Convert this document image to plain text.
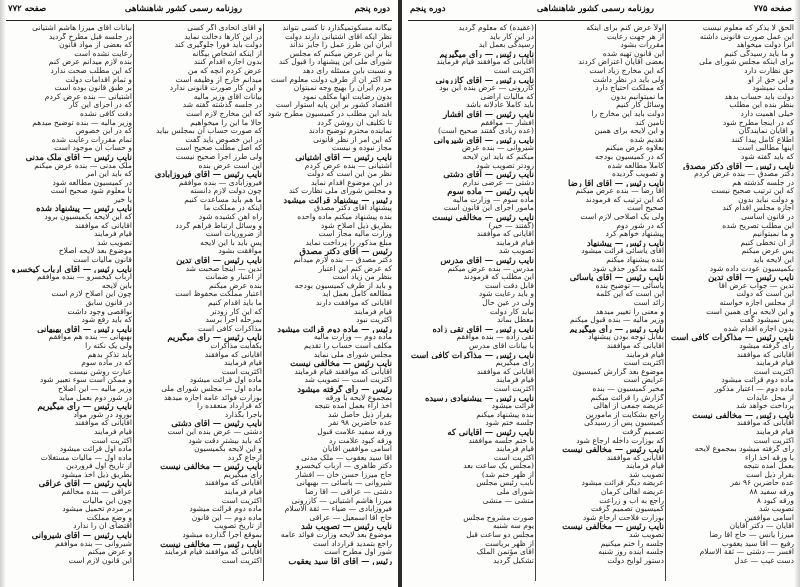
دوره پنجم
روزنامه رسمی کشور شاهنشاهی
صفحه ۷۷۲
بیگانه مسکوتمیگذارد تا کسی نتواند
نظر آیکه آقای آشتیانی دارند دولت
ایران این طرز عمل را جایز نداند
بنا بر این عرض میکنم که مجلس
شورای ملی این پیشنهاد را قبول کند
و نسبت باین مسئله رأی دهد
حد اکثر آن از طرف دولت معلوم است
مردم ایران را بهیچ وجه نمیتوان
بدون رضایت آنها مکلف نمود
اقتصاد کشور بر این پایه استوار است
باید این مطلب در کمیسیون مطرح شود
تا تکلیف آن روشن گردد
نماینده محترم توضیح دادند
که این امر از نظر قانونی
مجاز نبوده و نیست
نایب رئیس — آقای آشتیانی
آشتیانی — بنده عرض کردم
نظر من این است که دولت
در این موضوع اقدام نماید
و مجلس شورای ملی نظارت کند
رئیس — پیشنهاد قرائت میشود
پیشنهاد آقای دکتر مصدق
بنده پیشنهاد میکنم ماده واحده
بطریق ذیل اصلاح شود
وزارت مالیه مجاز است
مبلغ مذکور را پرداخت نماید
رئیس — آقای دکتر مصدق
دکتر مصدق — بنده لازم میدانم
که عرض کنم این اعتبار
بنظر من زیاد است
و باید از طرف کمیسیون بودجه
مطالعه کامل بعمل آید
آقایانی که موافقت دارند
قیام فرمایند
اکثریت نبود
رئیس — ماده دوم قرائت میشود
ماده دوم — وزارت مالیه
مکلف است حساب را تقدیم
مجلس شورای ملی نماید
نایب رئیس — مخالفی نیست
آقایانی که موافقند قیام فرمایند
اکثریت است — تصویب شد
رئیس — رأی گرفته میشود
بمجموع لایحه با ورقه
اخذ آراء بعمل آمده نتیجه
بقرار ذیل حاصل شد
عده حاضرین ۹۸ نفر
ورقه سفید علامت قبول
ورقه کبود علامت رد
اسامی موافقین آقایان
آقا سید یعقوب — ملک مدنی
دکتر طاهری — ارباب کیخسرو
حاج میرزا حسن خان — افشار
شیروانی — یاسائی — بهبهانی
دشتی — عراقی — آقا رضا
میرزا هاشم آشتیانی — کازرونی
فیروزآبادی — ضیاء — ثقة الاسلام
حاج آقا اسمعیل — عراقی
نایب رئیس — تصویب شد
موضوع بعد لایحه وزارت فوائد عامه
راجع بتمدید قرارداد است
شور اول مطرح است
رئیس — آقای آقا سید یعقوب
و آقای اتحادی اگر کسی
در این کارها دخالت نماید
دولت باید فوراً جلوگیری کند
از اینکه اشخاص بیگانه
بدون اجازه اقدام کنند
عرض کردم آنچه که من
میدانم خارج از وظیفه است
و این کار صورت قانونی ندارد
بیانات آقای وزیر مالیه
در جلسه گذشته گفته شد
که این مخارج لازم است
حالا ما این را میخواهیم
که صورت حساب آن بمجلس بیاید
در این خصوص باید گفت
که اصل مطلب صحیح است
ولی طرز اجرا صحیح نیست
این است عرض بنده
نایب رئیس — آقای فیروزآبادی
فیروزآبادی — بنده موافقم
چون دولت لازم دانسته
ما هم باید مساعدت کنیم
اینکه در مملکت ما
راه آهن کشیده شود
و وسائل ارتباط فراهم گردد
از ضروریات است
پس باید با این لایحه
موافقت بشود
نایب رئیس — آقای تدین
تدین — اینجا صحبت شد
از اعتبار و ضمانت
بنده عرض میکنم
اعتبار مملکت محفوظ است
ما باید اقدام کنیم
که این کار زودتر
بمرحله اجرا برسد
مذاکرات کافی است
نایب رئیس — رأی میگیریم
بکفایت مذاکرات
آقایانی که موافقند
قیام فرمایند
اکثریت است
ماده اول قرائت میشود
ماده اول — مجلس شورای ملی
بوزارت فوائد عامه اجازه میدهد
که قرارداد منعقده را
باجرا بگذارد
نایب رئیس — آقای دشتی
دشتی — عرض بنده این است
که باید بیشتر دقت شود
و این لایحه بکمیسیون
ارجاع گردد
نایب رئیس — مخالفی نیست
رأی میگیریم
آقایانی که موافقند
قیام فرمایند
اکثریت است
ماده دوم قرائت میشود
ماده دوم — این قانون
از تاریخ تصویب
بموقع اجرا گذارده میشود
نایب رئیس — مخالفی نیست
آقایانی که موافقند قیام فرمایند
اکثریت است
بیانات آقای میرزا هاشم آشتیانی
در جلسه قبل مطرح گردید
که بعضی از مواد قانون
رعایت نشده است
بنده لازم میدانم عرض کنم
که این مطلب صحت ندارد
و تمام اقدامات دولت
بر طبق قانون بوده است
آشتیانی — بنده عرض کردم
که در اجرای این کار
دقت کافی نشده
وزیر مالیه — بنده توضیح میدهم
که در این خصوص
تمام مقررات رعایت شده
و حساب آن موجود است
نایب رئیس — آقای ملک مدنی
ملک مدنی — بنده عرض میکنم
که باید این امر
در کمیسیون مطالعه شود
تا معلوم شود صحیح است
یا خیر
نایب رئیس — پیشنهاد شده
که این لایحه بکمیسیون برود
آقایانی که موافقند
قیام فرمایند
تصویب شد
موضوع بعد لایحه اصلاح
قانون مالیات است
نایب رئیس — آقای ارباب کیخسرو
ارباب کیخسرو — بنده موافقم
باین لایحه
چون این اصلاح لازم است
در قانون سابق
نواقصی وجود داشت
که باید رفع شود
نایب رئیس — آقای بهبهانی
بهبهانی — بنده هم موافقم
ولی یک نکته را
باید تذکر بدهم
که در ماده سوم
عبارت روشن نیست
و ممکن است سوء تعبیر شود
وزیر مالیه — این اصلاح
در شور دوم بعمل میآید
نایب رئیس — رأی میگیریم
بورود در شور مواد
آقایانی که موافقند
قیام فرمایند
اکثریت است
ماده اول قرائت میشود
ماده اول — مالیات مستغلات
از تاریخ اول فروردین
بطریق ذیل اخذ میشود
نایب رئیس — آقای عراقی
عراقی — بنده مخالفم
چون این مالیات
بر مردم تحمیل میشود
و وضع مملکت
اقتضای آن را ندارد
نایب رئیس — آقای شیروانی
شیروانی — بنده موافقم
و عرض میکنم
این قانون لازم است
صفحه ۷۷۵
روزنامه رسمی کشور شاهنشاهی
دوره پنجم
الحق لا یذکر که معلوم نیست
این عمل صورت قانونی داشته
آنرا دولت میخواهد
و ما باید رسیدگی کنیم
برای اینکه مجلس شورای ملی
حق نظارت دارد
و این حق از او
سلب نمیشود
دولت باید حساب بدهد
بنظر بنده این مطلب
خیلی اهمیت دارد
که در اینجا مطرح شود
و آقایان نمایندگان
اطلاع کامل پیدا کنند
اینها مطالبی است
که باید گفته شود
نایب رئیس — آقای دکتر مصدق
دکتر مصدق — بنده عرض کردم
در جلسه گذشته هم
که این ترتیب صحیح نیست
و دولت نباید بدون
اجازه مجلس اقدام کند
در قانون اساسی
این مطلب تصریح شده
و ما نمیتوانیم
از آن تخطی کنیم
پس عرض میکنم
این لایحه باید
بکمیسیون عودت داده شود
نایب رئیس — آقای تدین
تدین — جواب عرض آقا
این است که دولت
از مجلس اجازه خواسته
و این لایحه برای همین است
پس نمیشود گفت
بدون اجازه اقدام شده
نایب رئیس — مذاکرات کافی است
رأی گرفته میشود
آقایانی که موافقند
قیام فرمایند
اکثریت است
ماده دوم قرائت میشود
ماده دوم — اعتبار مذکور
از محل عایدات
پرداخت خواهد شد
نایب رئیس — مخالفی نیست
آقایانی که موافقند
قیام فرمایند
اکثریت است
رأی گرفته میشود بمجموع لایحه
با ورقه اخذ آراء
بعمل آمده نتیجه
بقرار ذیل است
عده حاضرین ۹۶ نفر
ورقه سفید ۸۸
ورقه کبود ۸
تصویب شد
اسامی موافقین
آقایان — دکتر آقایان
میرزا یانس — حاج آقا رضا
رفیع — آقا سید یعقوب
افسر — دشتی — ثقة الاسلام
دست غیب — عدل
اولاً عرض کنم برای اینکه
از هر جهت رعایت
مقررات بشود
این قانون تهیه شده
بعضی آقایان اعتراض کردند
که این مخارج زیاد است
ولی باید در نظر داشت
که مملکت احتیاج دارد
ما نمیتوانیم بدون
وسائل کار کنیم
دولت باید این مخارج را
تأمین کند
و این لایحه برای همین
تقدیم شده
بعلاوه عرض میکنم
که در کمیسیون بودجه
کاملاً مطالعه شده
و تصویب گردیده
نایب رئیس — آقای آقا رضا
آقا رضا — بنده عرض میکنم
که این ترتیب که فرمودند
صحیح است
ولی یک اصلاحی لازم است
که در شور دوم
پیشنهاد خواهم کرد
نایب رئیس — پیشنهاد
آقای یاسائی قرائت میشود
بنده پیشنهاد میکنم
کلمه مذکور حذف شود
نایب رئیس — آقای یاسائی
یاسائی — توضیح بنده
این است که این کلمه
زائد است
و معنی را تغییر میدهد
وزیر مالیه — بنده قبول میکنم
نایب رئیس — رأی میگیریم
بقابل توجه بودن پیشنهاد
آقایانی که موافقند
قیام فرمایند
اکثریت است
موضوع بعد گزارش کمیسیون
عرایض است
مخبر کمیسیون — بنده
گزارش را قرائت میکنم
عریضه جمعی از اهالی
راجع بشکایت از مأمورین
کمیسیون پس از رسیدگی
تصمیم گرفت
که بوزارت داخله ارجاع شود
نایب رئیس — مخالفی نیست
آقایانی که موافقند
قیام فرمایند
تصویب شد
عریضه دیگر قرائت میشود
عریضه اهالی کرمان
راجع به آب و زراعت
کمیسیون تصمیم گرفت
بوزارت فلاحت ارجاع شود
نایب رئیس — مخالفی نیست
تصویب شد
جلسه را ختم میکنیم
جلسه آینده روز شنبه
دستور لوایح دولت
(عقیده) که معلوم گردید
در این کار باید
رسیدگی بعمل آید
نایب رئیس — رأی میگیریم
آقایانی که موافقند قیام فرمایند
اکثریت است
نایب رئیس — آقای کازرونی
کازرونی — عرض بنده این بود
که مالیات اراضی
باید کاملاً عادلانه باشد
نایب رئیس — آقای افشار
افشار — موافقم
(عده زیادی گفتند صحیح است)
نایب رئیس — آقای شیروانی
شیروانی — بنده عرض
میکنم که باید این لایحه
زودتر تصویب شود
نایب رئیس — آقای دشتی
دشتی — عرضی ندارم
نایب رئیس — ماده سوم
ماده سوم — وزارت مالیه
مأمور اجرای این قانون است
نایب رئیس — مخالفی نیست
(گفتند — خیر)
آقایانی که موافقند
قیام فرمایند
تصویب شد
نایب رئیس — آقای مدرس
مدرس — بنده عرض میکنم
این مطلب که فرمودند
قابل دقت است
و باید رعایت شود
ولی در عین حال
نباید کار دولت
معطل بماند
نایب رئیس — آقای تقی زاده
تقی زاده — بنده موافقم
با بیانات آقای مدرس
نایب رئیس — مذاکرات کافی است
رأی میگیریم
آقایانی که موافقند
قیام فرمایند
اکثریت است
نایب رئیس — پیشنهادی رسیده
قرائت میشود
بنده پیشنهاد میکنم
جلسه ختم شود
نایب رئیس — آقایانی که
با ختم جلسه موافقند
قیام فرمایند
اکثریت است
(مجلس یک ساعت بعد
از ظهر ختم شد)
نایب رئیس مجلس
شورای ملی
منشی — منشی
صورت مشروح مجلس
یوم سه شنبه
مجلس دو ساعت قبل
از ظهر بریاست
آقای مؤتمن الملک
تشکیل گردید
